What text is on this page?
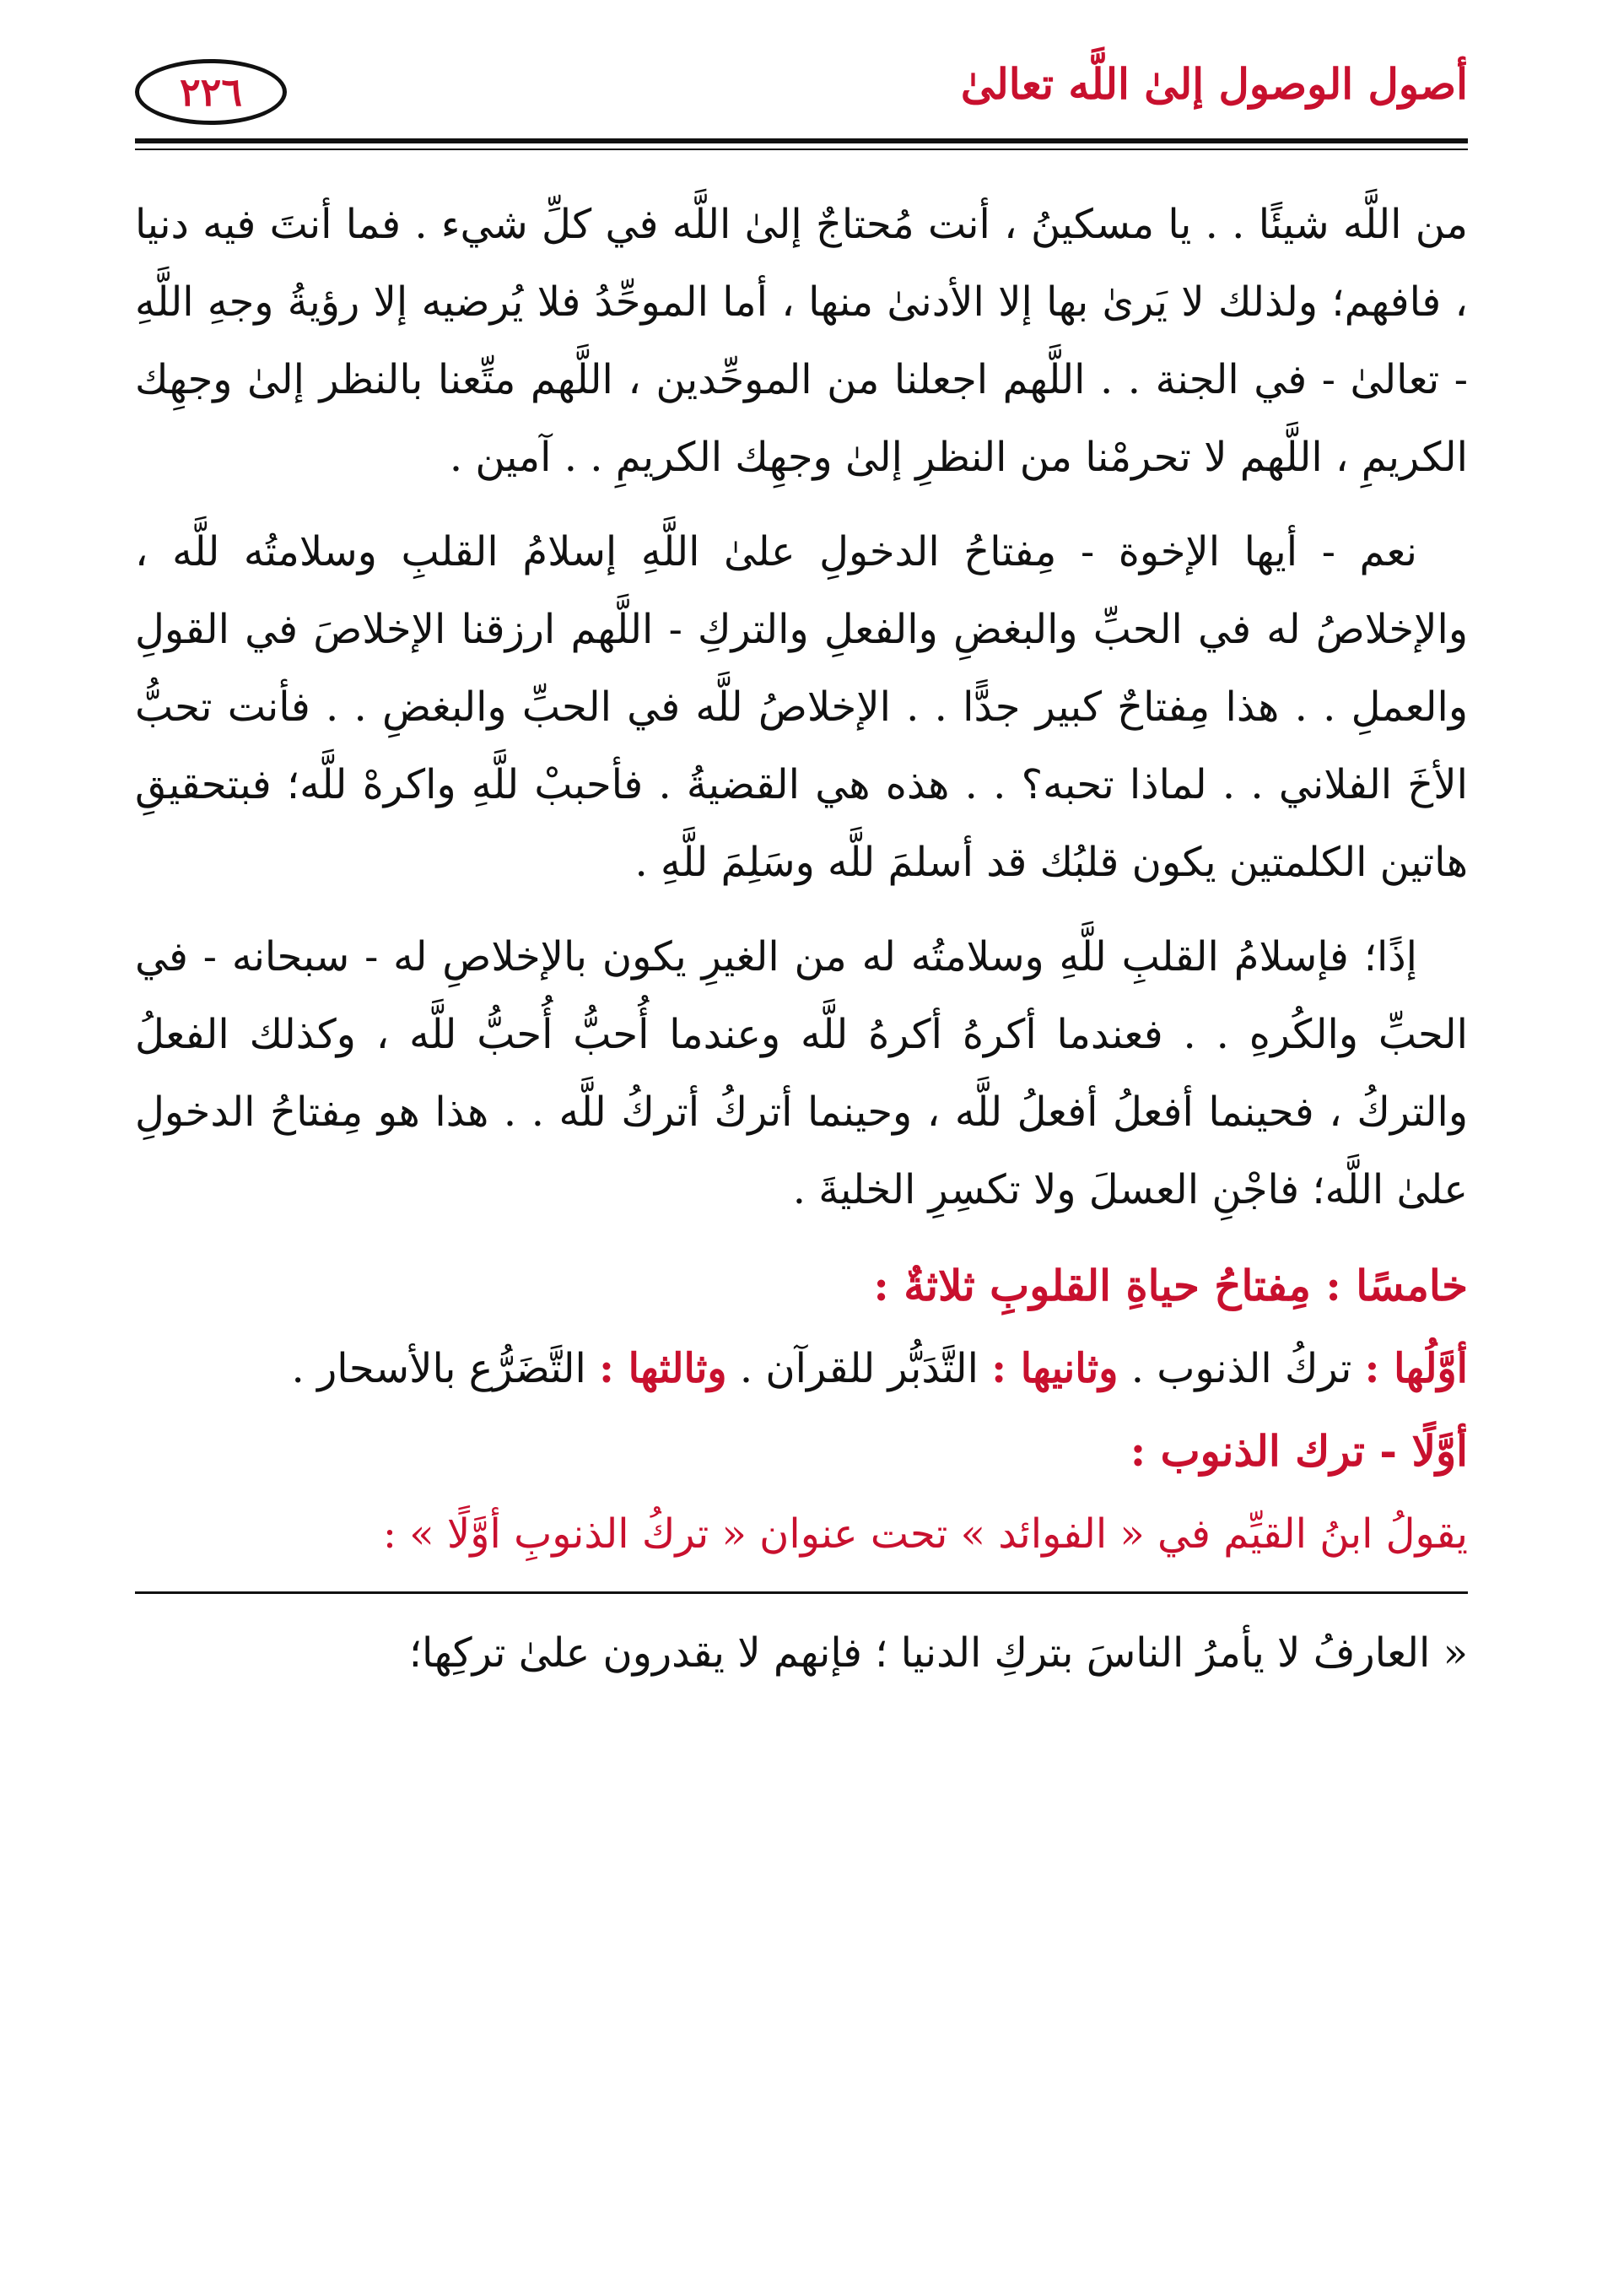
أصول الوصول إلىٰ اللَّه تعالىٰ
٢٢٦

من اللَّه شيئًا . . يا مسكينُ ، أنت مُحتاجٌ إلىٰ اللَّه في كلِّ شيء . فما أنتَ فيه دنيا ، فافهم؛ ولذلك لا يَرىٰ بها إلا الأدنىٰ منها ، أما الموحِّدُ فلا يُرضيه إلا رؤيةُ وجهِ اللَّهِ - تعالىٰ - في الجنة . . اللَّهم اجعلنا من الموحِّدين ، اللَّهم متِّعنا بالنظر إلىٰ وجهِك الكريمِ ، اللَّهم لا تحرمْنا من النظرِ إلىٰ وجهِك الكريمِ . . آمين .

نعم - أيها الإخوة - مِفتاحُ الدخولِ علىٰ اللَّهِ إسلامُ القلبِ وسلامتُه للَّه ، والإخلاصُ له في الحبِّ والبغضِ والفعلِ والتركِ - اللَّهم ارزقنا الإخلاصَ في القولِ والعملِ . . هذا مِفتاحٌ كبير جدًّا . . الإخلاصُ للَّه في الحبِّ والبغضِ . . فأنت تحبُّ الأخَ الفلاني . . لماذا تحبه؟ . . هذه هي القضيةُ . فأحببْ للَّهِ واكرهْ للَّه؛ فبتحقيقِ هاتين الكلمتين يكون قلبُك قد أسلمَ للَّه وسَلِمَ للَّهِ .

إذًا؛ فإسلامُ القلبِ للَّهِ وسلامتُه له من الغيرِ يكون بالإخلاصِ له - سبحانه - في الحبِّ والكُرهِ . . فعندما أكرهُ أكرهُ للَّه وعندما أُحبُّ أُحبُّ للَّه ، وكذلك الفعلُ والتركُ ، فحينما أفعلُ أفعلُ للَّه ، وحينما أتركُ أتركُ للَّه . . هذا هو مِفتاحُ الدخولِ علىٰ اللَّه؛ فاجْنِ العسلَ ولا تكسِرِ الخليةَ .

خامسًا : مِفتاحُ حياةِ القلوبِ ثلاثةٌ :

أوَّلُها : تركُ الذنوب . وثانيها : التَّدَبُّر للقرآن . وثالثها : التَّضَرُّع بالأسحار .

أوَّلًا - ترك الذنوب :

يقولُ ابنُ القيِّم في « الفوائد » تحت عنوان « تركُ الذنوبِ أوَّلًا » :

« العارفُ لا يأمرُ الناسَ بتركِ الدنيا ؛ فإنهم لا يقدرون علىٰ تركِها؛
